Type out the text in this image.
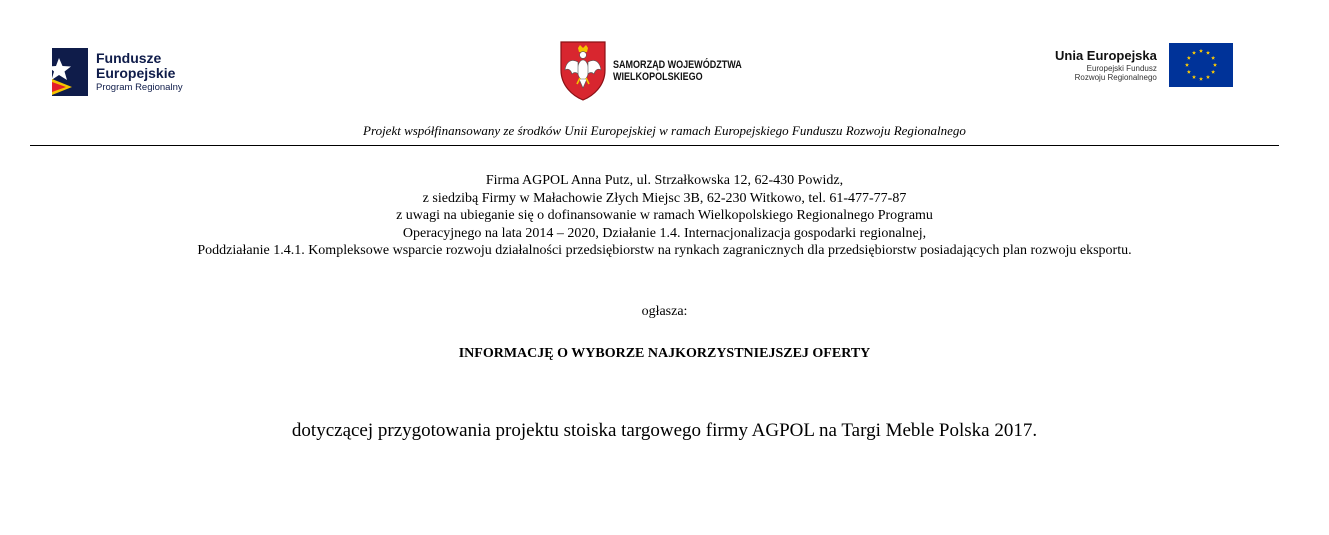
Fundusze
Europejskie
Program Regionalny
SAMORZĄD WOJEWÓDZTWA
WIELKOPOLSKIEGO
Unia Europejska
Europejski Fundusz
Rozwoju Regionalnego

Projekt współfinansowany ze środków Unii Europejskiej w ramach Europejskiego Funduszu Rozwoju Regionalnego

Firma AGPOL Anna Putz, ul. Strzałkowska 12, 62-430 Powidz,
z siedzibą Firmy w Małachowie Złych Miejsc 3B, 62-230 Witkowo, tel. 61-477-77-87
z uwagi na ubieganie się o dofinansowanie w ramach Wielkopolskiego Regionalnego Programu
Operacyjnego na lata 2014 – 2020, Działanie 1.4. Internacjonalizacja gospodarki regionalnej,
Poddziałanie 1.4.1. Kompleksowe wsparcie rozwoju działalności przedsiębiorstw na rynkach zagranicznych dla przedsiębiorstw posiadających plan rozwoju eksportu.

ogłasza:

INFORMACJĘ O WYBORZE NAJKORZYSTNIEJSZEJ OFERTY

dotyczącej przygotowania projektu stoiska targowego firmy AGPOL na Targi Meble Polska 2017.
